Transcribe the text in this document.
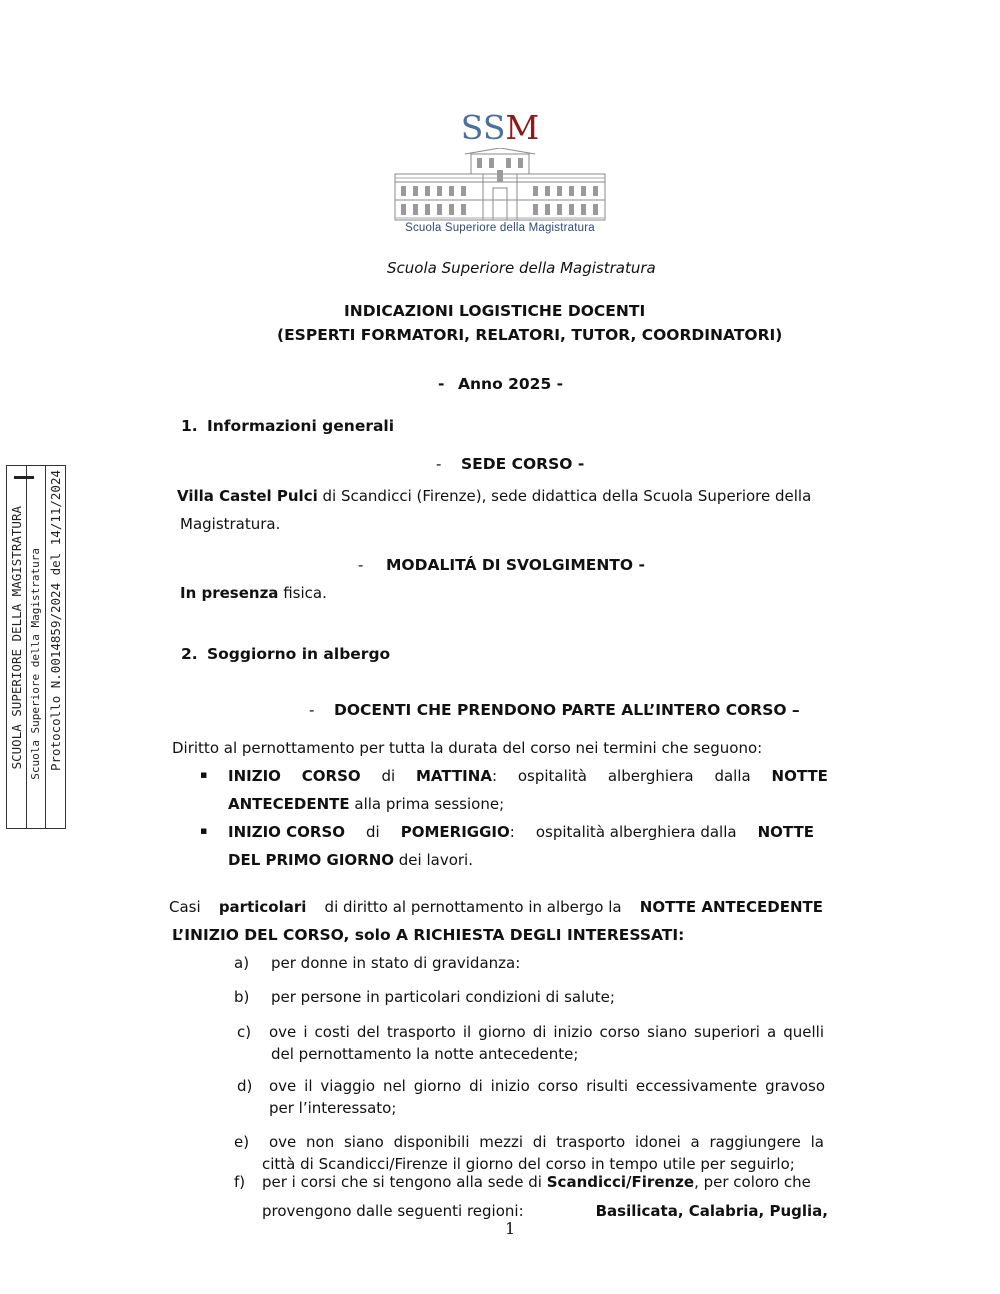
SSM
Scuola Superiore della Magistratura
SCUOLA SUPERIORE DELLA MAGISTRATURA Scuola Superiore della Magistratura Protocollo N.0014859/2024 del 14/11/2024
Scuola Superiore della Magistratura
INDICAZIONI LOGISTICHE DOCENTI
(ESPERTI FORMATORI, RELATORI, TUTOR, COORDINATORI)
- Anno 2025 -
1. Informazioni generali
- SEDE CORSO -
Villa Castel Pulci di Scandicci (Firenze), sede didattica della Scuola Superiore della
Magistratura.
- MODALITÁ DI SVOLGIMENTO -
In presenza fisica.
2. Soggiorno in albergo
- DOCENTI CHE PRENDONO PARTE ALL’INTERO CORSO –
Diritto al pernottamento per tutta la durata del corso nei termini che seguono:
▪ INIZIO CORSO di MATTINA: ospitalità alberghiera dalla NOTTE
ANTECEDENTE alla prima sessione;
▪ INIZIO CORSO di POMERIGGIO: ospitalità alberghiera dalla NOTTE
DEL PRIMO GIORNO dei lavori.
Casi particolari di diritto al pernottamento in albergo la NOTTE ANTECEDENTE
L’INIZIO DEL CORSO, solo A RICHIESTA DEGLI INTERESSATI:
a) per donne in stato di gravidanza:
b) per persone in particolari condizioni di salute;
c) ove i costi del trasporto il giorno di inizio corso siano superiori a quelli
del pernottamento la notte antecedente;
d) ove il viaggio nel giorno di inizio corso risulti eccessivamente gravoso
per l’interessato;
e) ove non siano disponibili mezzi di trasporto idonei a raggiungere la
città di Scandicci/Firenze il giorno del corso in tempo utile per seguirlo;
f) per i corsi che si tengono alla sede di Scandicci/Firenze, per coloro che
provengono dalle seguenti regioni:	Basilicata, Calabria, Puglia,
1
